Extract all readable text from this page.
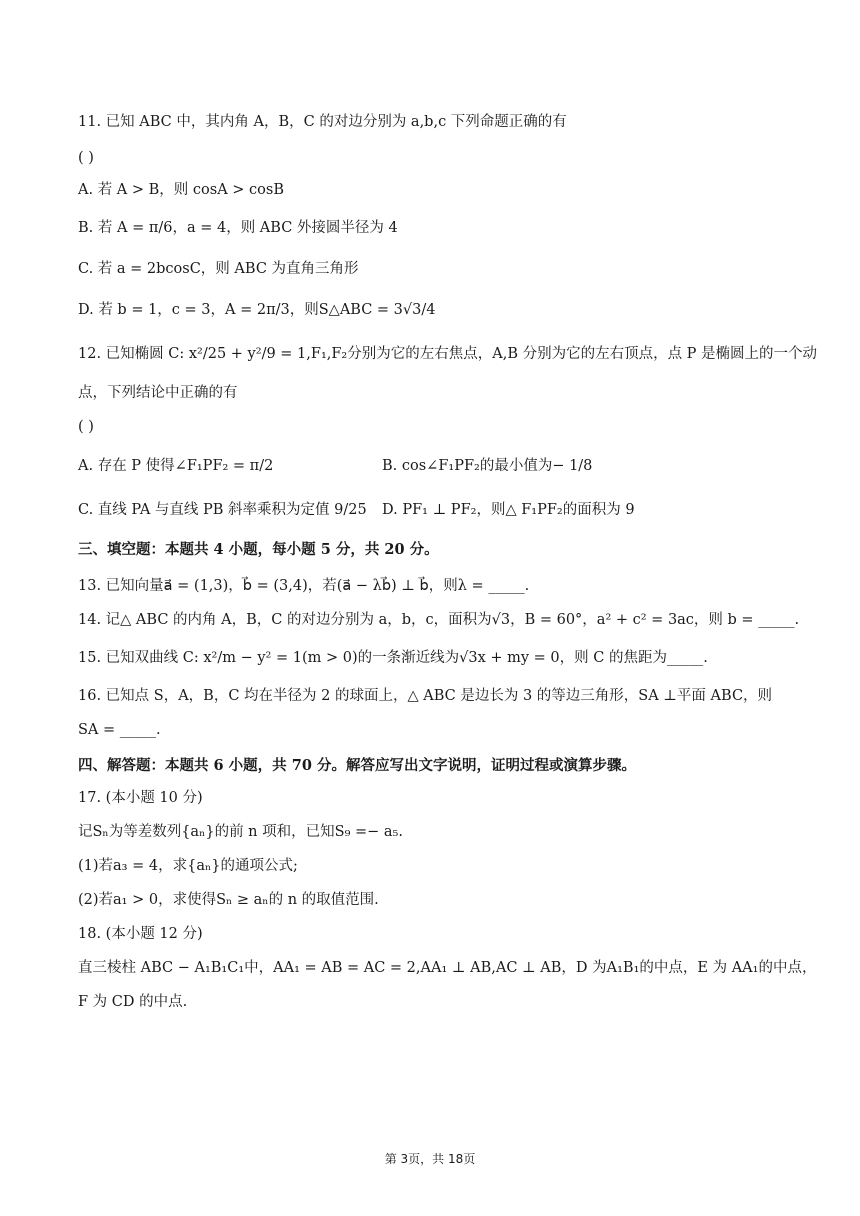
11. 已知 ABC 中，其内角 A，B，C 的对边分别为 a,b,c 下列命题正确的有
( )
A. 若 A > B，则 cosA > cosB
B. 若 A = π/6，a = 4，则 ABC 外接圆半径为 4
C. 若 a = 2bcosC，则 ABC 为直角三角形
D. 若 b = 1，c = 3，A = 2π/3，则S△ABC = 3√3/4
12. 已知椭圆 C: x²/25 + y²/9 = 1,F₁,F₂分别为它的左右焦点，A,B 分别为它的左右顶点，点 P 是椭圆上的一个动
点，下列结论中正确的有
( )
A. 存在 P 使得∠F₁PF₂ = π/2	B. cos∠F₁PF₂的最小值为− 1/8
C. 直线 PA 与直线 PB 斜率乘积为定值 9/25 D. PF₁ ⊥ PF₂，则△ F₁PF₂的面积为 9
三、填空题：本题共 4 小题，每小题 5 分，共 20 分。
13. 已知向量a⃗ = (1,3)，b⃗ = (3,4)，若(a⃗ − λb⃗) ⊥ b⃗，则λ = _____.
14. 记△ ABC 的内角 A，B，C 的对边分别为 a，b，c，面积为√3，B = 60°，a² + c² = 3ac，则 b = _____.
15. 已知双曲线 C: x²/m − y² = 1(m > 0)的一条渐近线为√3x + my = 0，则 C 的焦距为_____.
16. 已知点 S，A，B，C 均在半径为 2 的球面上，△ ABC 是边长为 3 的等边三角形，SA ⊥平面 ABC，则
SA = _____.
四、解答题：本题共 6 小题，共 70 分。解答应写出文字说明，证明过程或演算步骤。
17. (本小题 10 分)
记Sₙ为等差数列{aₙ}的前 n 项和，已知S₉ =− a₅.
(1)若a₃ = 4，求{aₙ}的通项公式;
(2)若a₁ > 0，求使得Sₙ ≥ aₙ的 n 的取值范围.
18. (本小题 12 分)
直三棱柱 ABC − A₁B₁C₁中，AA₁ = AB = AC = 2,AA₁ ⊥ AB,AC ⊥ AB，D 为A₁B₁的中点，E 为 AA₁的中点，
F 为 CD 的中点.
第 3页，共 18页
